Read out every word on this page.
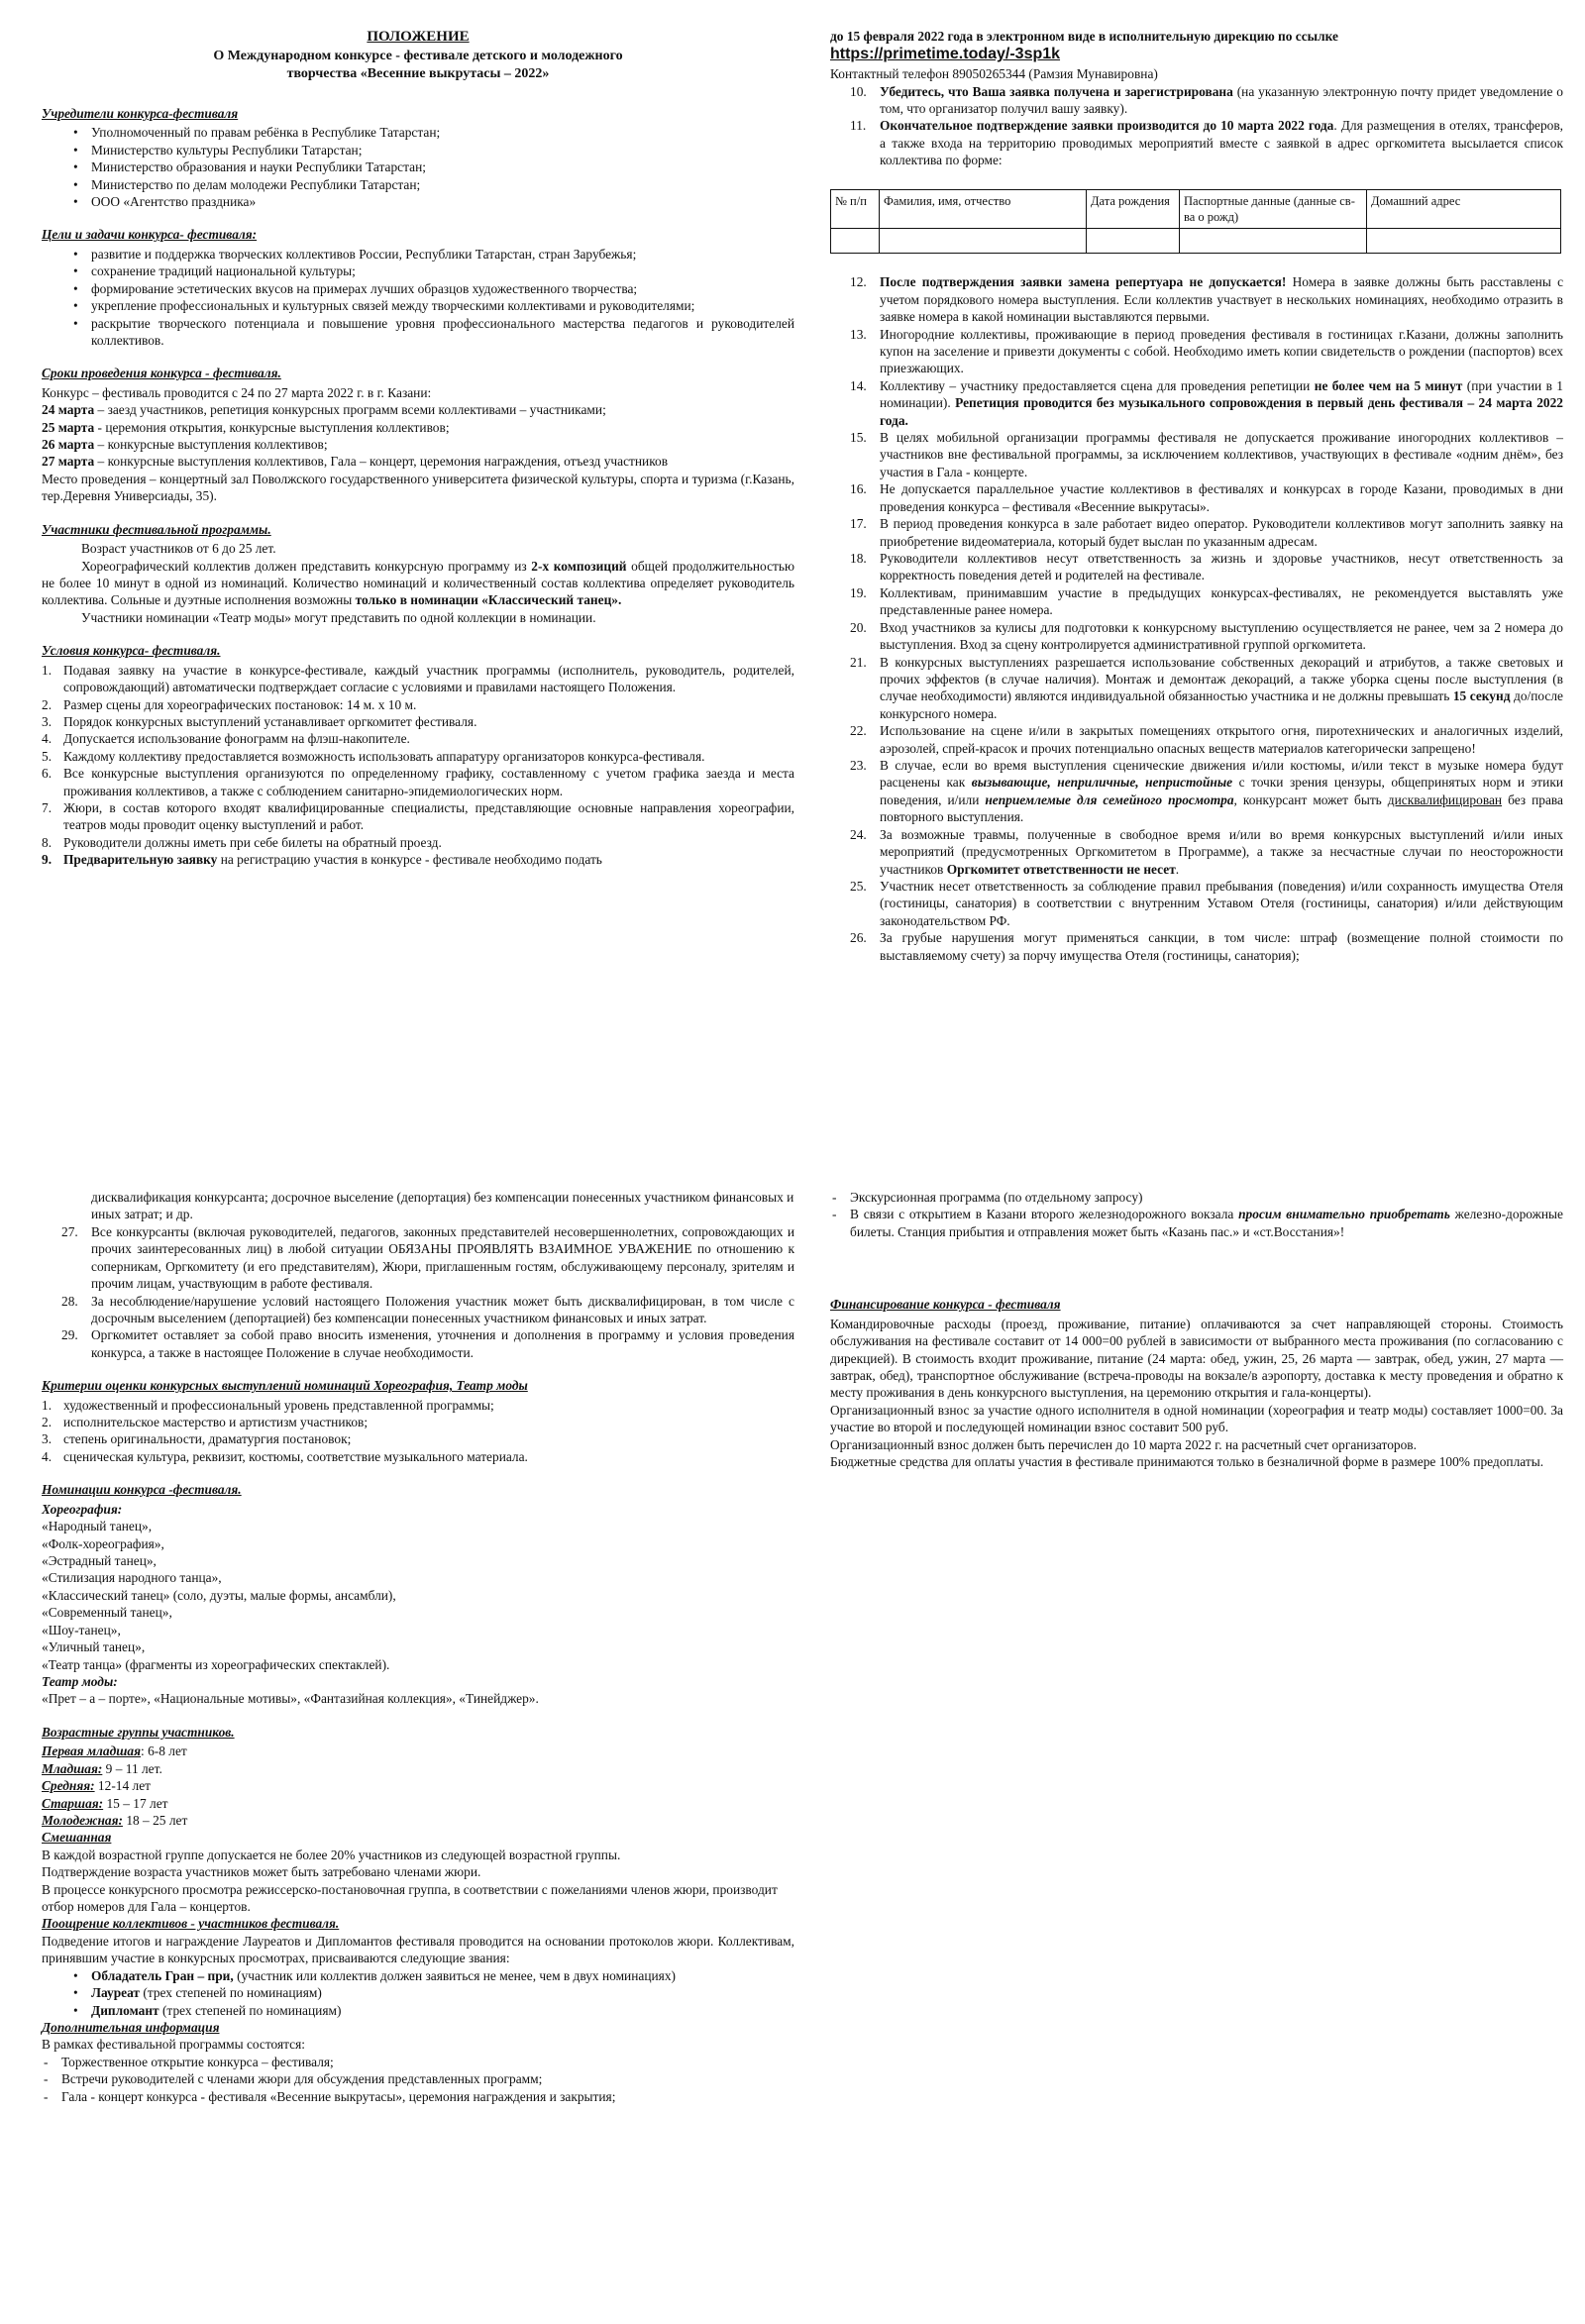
ПОЛОЖЕНИЕ

О Международном конкурсе - фестивале детского и молодежного

творчества «Весенние выкрутасы – 2022»

Учредители конкурса-фестиваля

• Уполномоченный по правам ребёнка в Республике Татарстан;
• Министерство культуры Республики Татарстан;
• Министерство образования и науки Республики Татарстан;
• Министерство по делам молодежи Республики Татарстан;
• ООО «Агентство праздника»

Цели и задачи конкурса- фестиваля:

• развитие и поддержка творческих коллективов России, Республики Татарстан, стран Зарубежья;
• сохранение традиций национальной культуры;
• формирование эстетических вкусов на примерах лучших образцов художественного творчества;
• укрепление профессиональных и культурных связей между творческими коллективами и руководителями;
• раскрытие творческого потенциала и повышение уровня профессионального мастерства педагогов и руководителей коллективов.

Сроки проведения конкурса - фестиваля.

Конкурс – фестиваль проводится с 24 по 27 марта 2022 г. в г. Казани:

24 марта – заезд участников, репетиция конкурсных программ всеми коллективами – участниками;

25 марта - церемония открытия, конкурсные выступления коллективов;

26 марта – конкурсные выступления коллективов;

27 марта – конкурсные выступления коллективов, Гала – концерт, церемония награждения, отъезд участников

Место проведения – концертный зал Поволжского государственного университета физической культуры, спорта и туризма (г.Казань, тер.Деревня Универсиады, 35).

Участники фестивальной программы.

Возраст участников от 6 до 25 лет.

Хореографический коллектив должен представить конкурсную программу из 2-х композиций общей продолжительностью не более 10 минут в одной из номинаций. Количество номинаций и количественный состав коллектива определяет руководитель коллектива. Сольные и дуэтные исполнения возможны только в номинации «Классический танец».

Участники номинации «Театр моды» могут представить по одной коллекции в номинации.

Условия конкурса- фестиваля.

1. Подавая заявку на участие в конкурсе-фестивале, каждый участник программы (исполнитель, руководитель, родителей, сопровождающий) автоматически подтверждает согласие с условиями и правилами настоящего Положения.
2. Размер сцены для хореографических постановок: 14 м. х 10 м.
3. Порядок конкурсных выступлений устанавливает оргкомитет фестиваля.
4. Допускается использование фонограмм на флэш-накопителе.
5. Каждому коллективу предоставляется возможность использовать аппаратуру организаторов конкурса-фестиваля.
6. Все конкурсные выступления организуются по определенному графику, составленному с учетом графика заезда и места проживания коллективов, а также с соблюдением санитарно-эпидемиологических норм.
7. Жюри, в состав которого входят квалифицированные специалисты, представляющие основные направления хореографии, театров моды проводит оценку выступлений и работ.
8. Руководители должны иметь при себе билеты на обратный проезд.
9. Предварительную заявку на регистрацию участия в конкурсе - фестивале необходимо подать

до 15 февраля 2022 года в электронном виде в исполнительную дирекцию по ссылке

https://primetime.today/-3sp1k

Контактный телефон 89050265344 (Рамзия Мунавировна)

10. Убедитесь, что Ваша заявка получена и зарегистрирована (на указанную электронную почту придет уведомление о том, что организатор получил вашу заявку).
11. Окончательное подтверждение заявки производится до 10 марта 2022 года. Для размещения в отелях, трансферов, а также входа на территорию проводимых мероприятий вместе с заявкой в адрес оргкомитета высылается список коллектива по форме:
№ п/п	Фамилия, имя, отчество	Дата рождения	Паспортные данные (данные св-ва о рожд)	Домашний адрес

12. После подтверждения заявки замена репертуара не допускается! Номера в заявке должны быть расставлены с учетом порядкового номера выступления. Если коллектив участвует в нескольких номинациях, необходимо отразить в заявке номера в какой номинации выставляются первыми.
13. Иногородние коллективы, проживающие в период проведения фестиваля в гостиницах г.Казани, должны заполнить купон на заселение и привезти документы с собой. Необходимо иметь копии свидетельств о рождении (паспортов) всех приезжающих.
14. Коллективу – участнику предоставляется сцена для проведения репетиции не более чем на 5 минут (при участии в 1 номинации). Репетиция проводится без музыкального сопровождения в первый день фестиваля – 24 марта 2022 года.
15. В целях мобильной организации программы фестиваля не допускается проживание иногородних коллективов – участников вне фестивальной программы, за исключением коллективов, участвующих в фестивале «одним днём», без участия в Гала - концерте.
16. Не допускается параллельное участие коллективов в фестивалях и конкурсах в городе Казани, проводимых в дни проведения конкурса – фестиваля «Весенние выкрутасы».
17. В период проведения конкурса в зале работает видео оператор. Руководители коллективов могут заполнить заявку на приобретение видеоматериала, который будет выслан по указанным адресам.
18. Руководители коллективов несут ответственность за жизнь и здоровье участников, несут ответственность за корректность поведения детей и родителей на фестивале.
19. Коллективам, принимавшим участие в предыдущих конкурсах-фестивалях, не рекомендуется выставлять уже представленные ранее номера.
20. Вход участников за кулисы для подготовки к конкурсному выступлению осуществляется не ранее, чем за 2 номера до выступления. Вход за сцену контролируется административной группой оргкомитета.
21. В конкурсных выступлениях разрешается использование собственных декораций и атрибутов, а также световых и прочих эффектов (в случае наличия). Монтаж и демонтаж декораций, а также уборка сцены после выступления (в случае необходимости) являются индивидуальной обязанностью участника и не должны превышать 15 секунд до/после конкурсного номера.
22. Использование на сцене и/или в закрытых помещениях открытого огня, пиротехнических и аналогичных изделий, аэрозолей, спрей-красок и прочих потенциально опасных веществ материалов категорически запрещено!
23. В случае, если во время выступления сценические движения и/или костюмы, и/или текст в музыке номера будут расценены как вызывающие, неприличные, непристойные с точки зрения цензуры, общепринятых норм и этики поведения, и/или неприемлемые для семейного просмотра, конкурсант может быть дисквалифицирован без права повторного выступления.
24. За возможные травмы, полученные в свободное время и/или во время конкурсных выступлений и/или иных мероприятий (предусмотренных Оргкомитетом в Программе), а также за несчастные случаи по неосторожности участников Оргкомитет ответственности не несет.
25. Участник несет ответственность за соблюдение правил пребывания (поведения) и/или сохранность имущества Отеля (гостиницы, санатория) в соответствии с внутренним Уставом Отеля (гостиницы, санатория) и/или действующим законодательством РФ.
26. За грубые нарушения могут применяться санкции, в том числе: штраф (возмещение полной стоимости по выставляемому счету) за порчу имущества Отеля (гостиницы, санатория);

дисквалификация конкурсанта; досрочное выселение (депортация) без компенсации понесенных участником финансовых и иных затрат; и др.

27. Все конкурсанты (включая руководителей, педагогов, законных представителей несовершеннолетних, сопровождающих и прочих заинтересованных лиц) в любой ситуации ОБЯЗАНЫ ПРОЯВЛЯТЬ ВЗАИМНОЕ УВАЖЕНИЕ по отношению к соперникам, Оргкомитету (и его представителям), Жюри, приглашенным гостям, обслуживающему персоналу, зрителям и прочим лицам, участвующим в работе фестиваля.
28. За несоблюдение/нарушение условий настоящего Положения участник может быть дисквалифицирован, в том числе с досрочным выселением (депортацией) без компенсации понесенных участником финансовых и иных затрат.
29. Оргкомитет оставляет за собой право вносить изменения, уточнения и дополнения в программу и условия проведения конкурса, а также в настоящее Положение в случае необходимости.

Критерии оценки конкурсных выступлений номинаций Хореография, Театр моды

1. художественный и профессиональный уровень представленной программы;
2. исполнительское мастерство и артистизм участников;
3. степень оригинальности, драматургия постановок;
4. сценическая культура, реквизит, костюмы, соответствие музыкального материала.

Номинации конкурса -фестиваля.

Хореография:

«Народный танец»,

«Фолк-хореография»,

«Эстрадный танец»,

«Стилизация народного танца»,

«Классический танец» (соло, дуэты, малые формы, ансамбли),

«Современный танец»,

«Шоу-танец»,

«Уличный танец»,

«Театр танца» (фрагменты из хореографических спектаклей).

Театр моды:

«Прет – а – порте», «Национальные мотивы», «Фантазийная коллекция», «Тинейджер».

Возрастные группы участников.

Первая младшая: 6-8 лет

Младшая: 9 – 11 лет.

Средняя: 12-14 лет

Старшая: 15 – 17 лет

Молодежная: 18 – 25 лет

Смешанная

В каждой возрастной группе допускается не более 20% участников из следующей возрастной группы.

Подтверждение возраста участников может быть затребовано членами жюри.

В процессе конкурсного просмотра режиссерско-постановочная группа, в соответствии с пожеланиями членов жюри, производит отбор номеров для Гала – концертов.

Поощрение коллективов - участников фестиваля.

Подведение итогов и награждение Лауреатов и Дипломантов фестиваля проводится на основании протоколов жюри. Коллективам, принявшим участие в конкурсных просмотрах, присваиваются следующие звания:

• Обладатель Гран – при, (участник или коллектив должен заявиться не менее, чем в двух номинациях)
• Лауреат (трех степеней по номинациям)
• Дипломант (трех степеней по номинациям)

Дополнительная информация

В рамках фестивальной программы состоятся:

- Торжественное открытие конкурса – фестиваля;
- Встречи руководителей с членами жюри для обсуждения представленных программ;
- Гала - концерт конкурса - фестиваля «Весенние выкрутасы», церемония награждения и закрытия;
- Экскурсионная программа (по отдельному запросу)
- В связи с открытием в Казани второго железнодорожного вокзала просим внимательно приобретать железно-дорожные билеты. Станция прибытия и отправления может быть «Казань пас.» и «ст.Восстания»!

Финансирование конкурса - фестиваля

Командировочные расходы (проезд, проживание, питание) оплачиваются за счет направляющей стороны. Стоимость обслуживания на фестивале составит от 14 000=00 рублей в зависимости от выбранного места проживания (по согласованию с дирекцией). В стоимость входит проживание, питание (24 марта: обед, ужин, 25, 26 марта — завтрак, обед, ужин, 27 марта — завтрак, обед), транспортное обслуживание (встреча-проводы на вокзале/в аэропорту, доставка к месту проведения и обратно к месту проживания в день конкурсного выступления, на церемонию открытия и гала-концерты).

Организационный взнос за участие одного исполнителя в одной номинации (хореография и театр моды) составляет 1000=00. За участие во второй и последующей номинации взнос составит 500 руб.

Организационный взнос должен быть перечислен до 10 марта 2022 г. на расчетный счет организаторов.

Бюджетные средства для оплаты участия в фестивале принимаются только в безналичной форме в размере 100% предоплаты.
